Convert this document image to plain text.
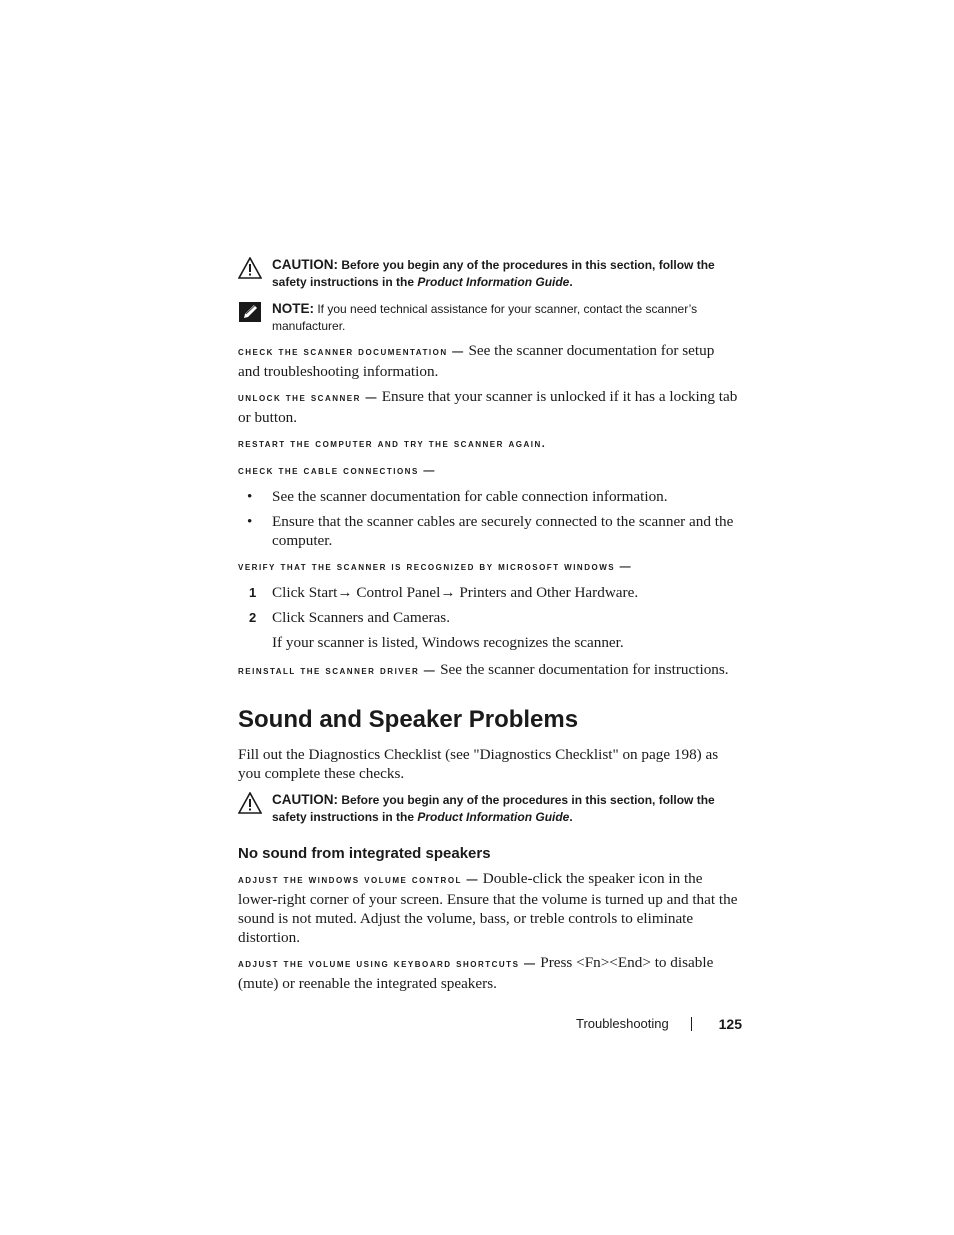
CAUTION: Before you begin any of the procedures in this section, follow the safety instructions in the Product Information Guide.
NOTE: If you need technical assistance for your scanner, contact the scanner’s manufacturer.

check the scanner documentation — See the scanner documentation for setup and troubleshooting information.

unlock the scanner — Ensure that your scanner is unlocked if it has a locking tab or button.

restart the computer and try the scanner again.

check the cable connections —

• See the scanner documentation for cable connection information.
• Ensure that the scanner cables are securely connected to the scanner and the computer.

verify that the scanner is recognized by microsoft windows —

1 Click Start→ Control Panel→ Printers and Other Hardware.
2 Click Scanners and Cameras.
If your scanner is listed, Windows recognizes the scanner.

reinstall the scanner driver — See the scanner documentation for instructions.

Sound and Speaker Problems

Fill out the Diagnostics Checklist (see "Diagnostics Checklist" on page 198) as you complete these checks.

CAUTION: Before you begin any of the procedures in this section, follow the safety instructions in the Product Information Guide.
No sound from integrated speakers

adjust the windows volume control — Double-click the speaker icon in the lower-right corner of your screen. Ensure that the volume is turned up and that the sound is not muted. Adjust the volume, bass, or treble controls to eliminate distortion.

adjust the volume using keyboard shortcuts — Press <Fn><End> to disable (mute) or reenable the integrated speakers.

Troubleshooting	125
